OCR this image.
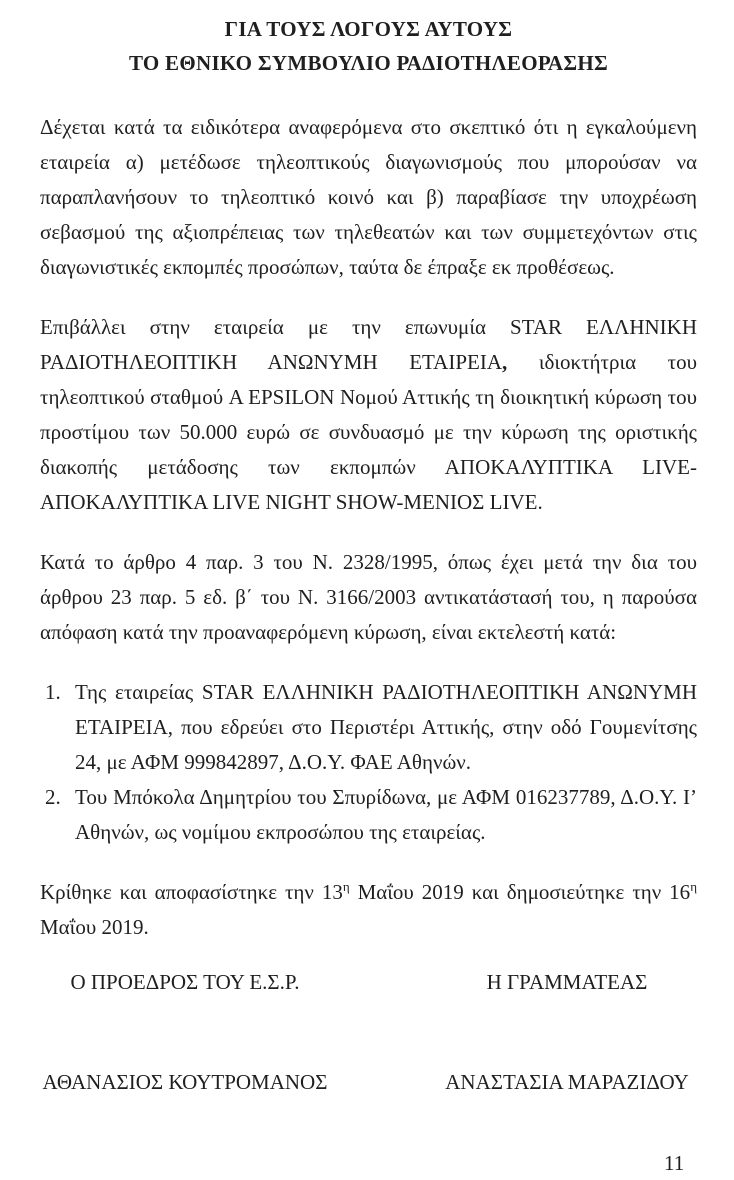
ΓΙΑ ΤΟΥΣ ΛΟΓΟΥΣ ΑΥΤΟΥΣ
ΤΟ ΕΘΝΙΚΟ ΣΥΜΒΟΥΛΙΟ ΡΑΔΙΟΤΗΛΕΟΡΑΣΗΣ

Δέχεται κατά τα ειδικότερα αναφερόμενα στο σκεπτικό ότι η εγκαλούμενη εταιρεία α) μετέδωσε τηλεοπτικούς διαγωνισμούς που μπορούσαν να παραπλανήσουν το τηλεοπτικό κοινό και β) παραβίασε την υποχρέωση σεβασμού της αξιοπρέπειας των τηλεθεατών και των συμμετεχόντων στις διαγωνιστικές εκπομπές προσώπων, ταύτα δε έπραξε εκ προθέσεως.

Επιβάλλει στην εταιρεία με την επωνυμία STAR ΕΛΛΗΝΙΚΗ ΡΑΔΙΟΤΗΛΕΟΠΤΙΚΗ ΑΝΩΝΥΜΗ ΕΤΑΙΡΕΙΑ, ιδιοκτήτρια του τηλεοπτικού σταθμού A EPSILON Νομού Αττικής τη διοικητική κύρωση του προστίμου των 50.000 ευρώ σε συνδυασμό με την κύρωση της οριστικής διακοπής μετάδοσης των εκπομπών ΑΠΟΚΑΛΥΠΤΙΚΑ LIVE-ΑΠΟΚΑΛΥΠΤΙΚΑ LIVE NIGHT SHOW-ΜΕΝΙΟΣ LIVE.

Κατά το άρθρο 4 παρ. 3 του Ν. 2328/1995, όπως έχει μετά την δια του άρθρου 23 παρ. 5 εδ. β΄ του Ν. 3166/2003 αντικατάστασή του, η παρούσα απόφαση κατά την προαναφερόμενη κύρωση, είναι εκτελεστή κατά:

1. Της εταιρείας STAR ΕΛΛΗΝΙΚΗ ΡΑΔΙΟΤΗΛΕΟΠΤΙΚΗ ΑΝΩΝΥΜΗ ΕΤΑΙΡΕΙΑ, που εδρεύει στο Περιστέρι Αττικής, στην οδό Γουμενίτσης 24, με ΑΦΜ 999842897, Δ.Ο.Υ. ΦΑΕ Αθηνών.
2. Του Μπόκολα Δημητρίου του Σπυρίδωνα, με ΑΦΜ 016237789, Δ.Ο.Υ. Ι’ Αθηνών, ως νομίμου εκπροσώπου της εταιρείας.

Κρίθηκε και αποφασίστηκε την $13^\eta$ Μαΐου 2019 και δημοσιεύτηκε την $16^\eta$ Μαΐου 2019.

Ο ΠΡΟΕΔΡΟΣ ΤΟΥ Ε.Σ.Ρ.	Η ΓΡΑΜΜΑΤΕΑΣ
ΑΘΑΝΑΣΙΟΣ ΚΟΥΤΡΟΜΑΝΟΣ	ΑΝΑΣΤΑΣΙΑ ΜΑΡΑΖΙΔΟΥ
11
